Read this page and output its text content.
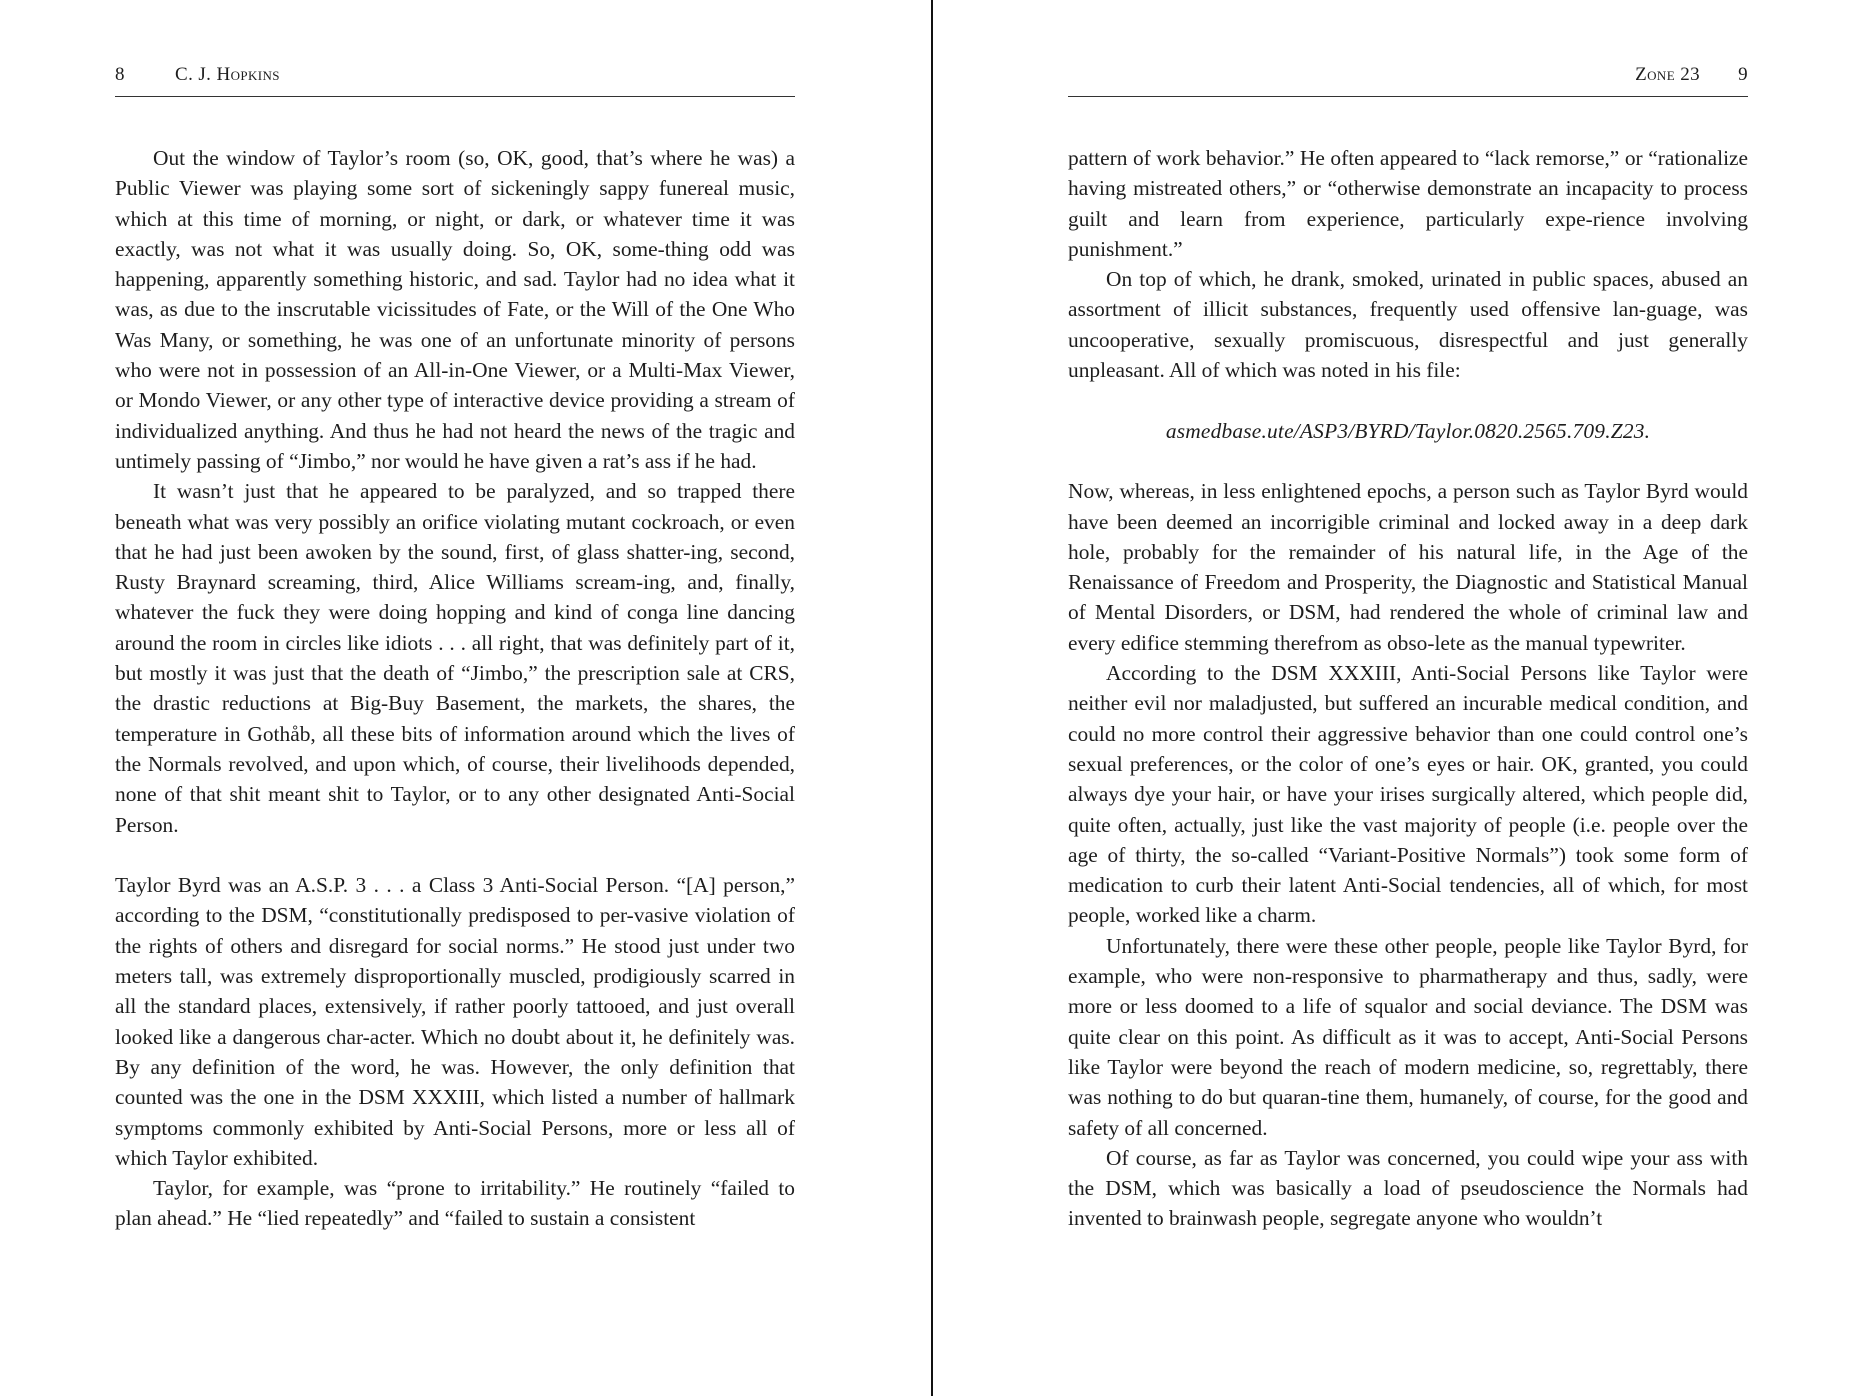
8	C. J. Hopkins

Out the window of Taylor’s room (so, OK, good, that’s where he was) a Public Viewer was playing some sort of sickeningly sappy funereal music, which at this time of morning, or night, or dark, or whatever time it was exactly, was not what it was usually doing. So, OK, some-thing odd was happening, apparently something historic, and sad. Taylor had no idea what it was, as due to the inscrutable vicissitudes of Fate, or the Will of the One Who Was Many, or something, he was one of an unfortunate minority of persons who were not in possession of an All-in-One Viewer, or a Multi-Max Viewer, or Mondo Viewer, or any other type of interactive device providing a stream of individualized anything. And thus he had not heard the news of the tragic and untimely passing of “Jimbo,” nor would he have given a rat’s ass if he had.

It wasn’t just that he appeared to be paralyzed, and so trapped there beneath what was very possibly an orifice violating mutant cockroach, or even that he had just been awoken by the sound, first, of glass shatter-ing, second, Rusty Braynard screaming, third, Alice Williams scream-ing, and, finally, whatever the fuck they were doing hopping and kind of conga line dancing around the room in circles like idiots . . . all right, that was definitely part of it, but mostly it was just that the death of “Jimbo,” the prescription sale at CRS, the drastic reductions at Big-Buy Basement, the markets, the shares, the temperature in Gothåb, all these bits of information around which the lives of the Normals revolved, and upon which, of course, their livelihoods depended, none of that shit meant shit to Taylor, or to any other designated Anti-Social Person.

Taylor Byrd was an A.S.P. 3 . . . a Class 3 Anti-Social Person. “[A] person,” according to the DSM, “constitutionally predisposed to per-vasive violation of the rights of others and disregard for social norms.” He stood just under two meters tall, was extremely disproportionally muscled, prodigiously scarred in all the standard places, extensively, if rather poorly tattooed, and just overall looked like a dangerous char-acter. Which no doubt about it, he definitely was. By any definition of the word, he was. However, the only definition that counted was the one in the DSM XXXIII, which listed a number of hallmark symptoms commonly exhibited by Anti-Social Persons, more or less all of which Taylor exhibited.

Taylor, for example, was “prone to irritability.” He routinely “failed to plan ahead.” He “lied repeatedly” and “failed to sustain a consistent

Zone 23 9

pattern of work behavior.” He often appeared to “lack remorse,” or “rationalize having mistreated others,” or “otherwise demonstrate an incapacity to process guilt and learn from experience, particularly expe-rience involving punishment.”

On top of which, he drank, smoked, urinated in public spaces, abused an assortment of illicit substances, frequently used offensive lan-guage, was uncooperative, sexually promiscuous, disrespectful and just generally unpleasant. All of which was noted in his file:

asmedbase.ute/ASP3/BYRD/Taylor.0820.2565.709.Z23.

Now, whereas, in less enlightened epochs, a person such as Taylor Byrd would have been deemed an incorrigible criminal and locked away in a deep dark hole, probably for the remainder of his natural life, in the Age of the Renaissance of Freedom and Prosperity, the Diagnostic and Statistical Manual of Mental Disorders, or DSM, had rendered the whole of criminal law and every edifice stemming therefrom as obso-lete as the manual typewriter.

According to the DSM XXXIII, Anti-Social Persons like Taylor were neither evil nor maladjusted, but suffered an incurable medical condition, and could no more control their aggressive behavior than one could control one’s sexual preferences, or the color of one’s eyes or hair. OK, granted, you could always dye your hair, or have your irises surgically altered, which people did, quite often, actually, just like the vast majority of people (i.e. people over the age of thirty, the so-called “Variant-Positive Normals”) took some form of medication to curb their latent Anti-Social tendencies, all of which, for most people, worked like a charm.

Unfortunately, there were these other people, people like Taylor Byrd, for example, who were non-responsive to pharmatherapy and thus, sadly, were more or less doomed to a life of squalor and social deviance. The DSM was quite clear on this point. As difficult as it was to accept, Anti-Social Persons like Taylor were beyond the reach of modern medicine, so, regrettably, there was nothing to do but quaran-tine them, humanely, of course, for the good and safety of all concerned.

Of course, as far as Taylor was concerned, you could wipe your ass with the DSM, which was basically a load of pseudoscience the Normals had invented to brainwash people, segregate anyone who wouldn’t
